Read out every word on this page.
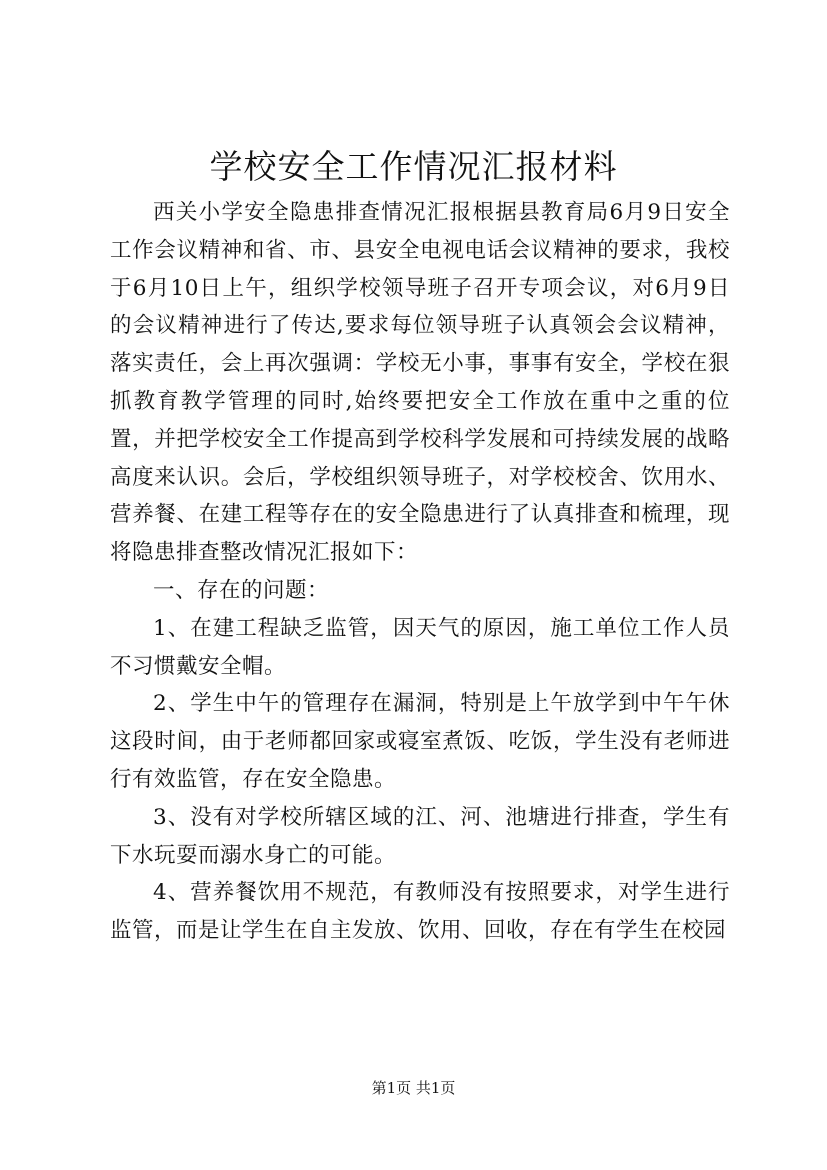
学校安全工作情况汇报材料

西关小学安全隐患排查情况汇报根据县教育局6月9日安全工作会议精神和省、市、县安全电视电话会议精神的要求，我校于6月10日上午，组织学校领导班子召开专项会议，对6月9日的会议精神进行了传达,要求每位领导班子认真领会会议精神，落实责任，会上再次强调：学校无小事，事事有安全，学校在狠抓教育教学管理的同时,始终要把安全工作放在重中之重的位置，并把学校安全工作提高到学校科学发展和可持续发展的战略高度来认识。会后，学校组织领导班子，对学校校舍、饮用水、营养餐、在建工程等存在的安全隐患进行了认真排查和梳理，现将隐患排查整改情况汇报如下：

一、存在的问题：

1、在建工程缺乏监管，因天气的原因，施工单位工作人员不习惯戴安全帽。

2、学生中午的管理存在漏洞，特别是上午放学到中午午休这段时间，由于老师都回家或寝室煮饭、吃饭，学生没有老师进行有效监管，存在安全隐患。

3、没有对学校所辖区域的江、河、池塘进行排查，学生有下水玩耍而溺水身亡的可能。

4、营养餐饮用不规范，有教师没有按照要求，对学生进行监管，而是让学生在自主发放、饮用、回收，存在有学生在校园

第1页 共1页
